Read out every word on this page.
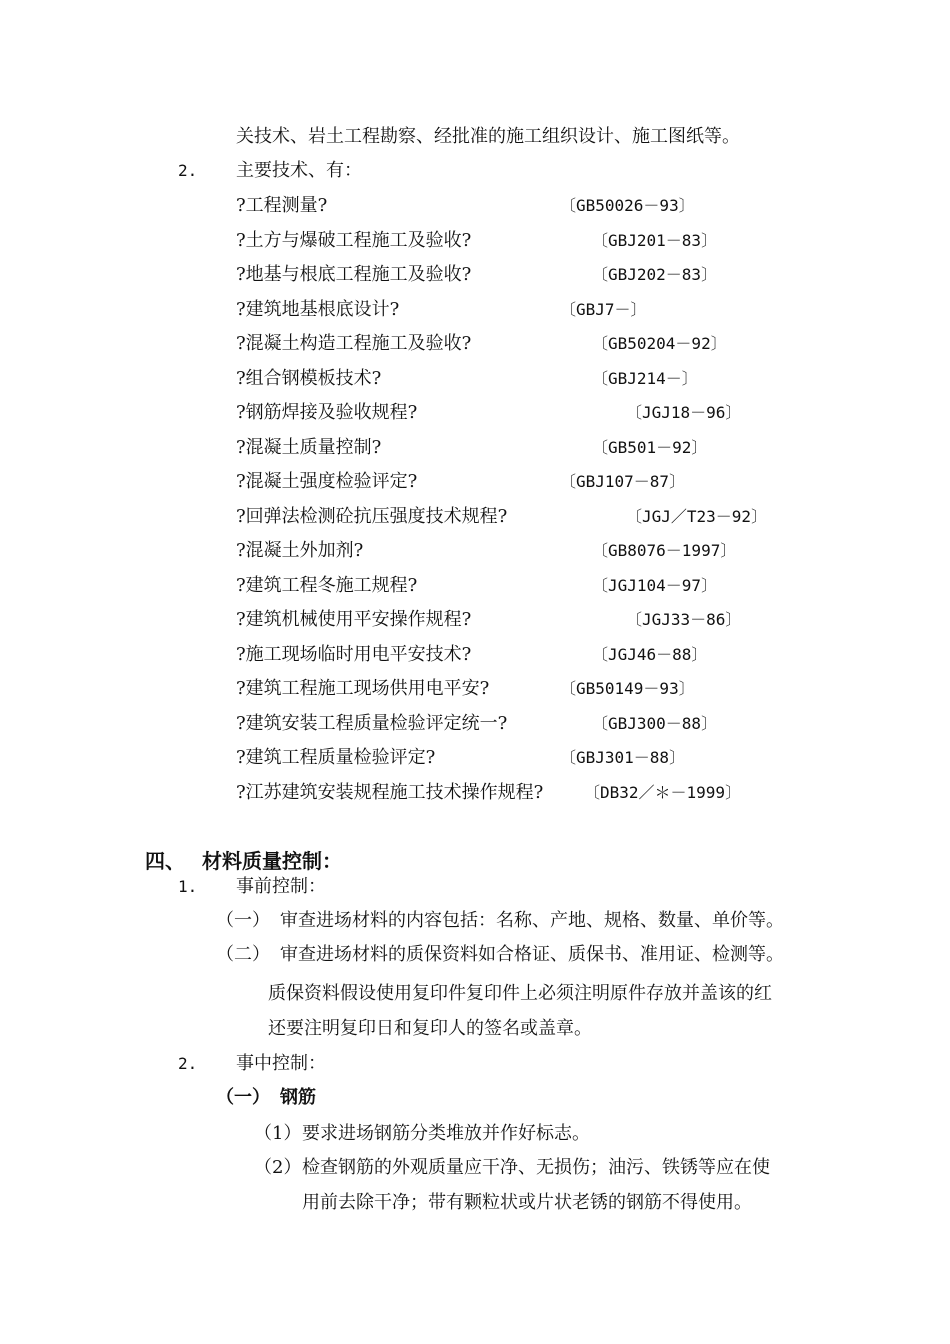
关技术、岩土工程勘察、经批准的施工组织设计、施工图纸等。
2. 主要技术、有：
?工程测量?	〔GB50026－93〕
?土方与爆破工程施工及验收?	〔GBJ201－83〕
?地基与根底工程施工及验收?	〔GBJ202－83〕
?建筑地基根底设计?	〔GBJ7－〕
?混凝土构造工程施工及验收?	〔GB50204－92〕
?组合钢模板技术?	〔GBJ214－〕
?钢筋焊接及验收规程?	〔JGJ18－96〕
?混凝土质量控制?	〔GB501－92〕
?混凝土强度检验评定?	〔GBJ107－87〕
?回弹法检测砼抗压强度技术规程?	〔JGJ／T23－92〕
?混凝土外加剂?	〔GB8076－1997〕
?建筑工程冬施工规程?	〔JGJ104－97〕
?建筑机械使用平安操作规程?	〔JGJ33－86〕
?施工现场临时用电平安技术?	〔JGJ46－88〕
?建筑工程施工现场供用电平安?	〔GB50149－93〕
?建筑安装工程质量检验评定统一?	〔GBJ300－88〕
?建筑工程质量检验评定?	〔GBJ301－88〕
?江苏建筑安装规程施工技术操作规程?	〔DB32／＊－1999〕
四、 材料质量控制：
1. 事前控制：
（一） 审查进场材料的内容包括：名称、产地、规格、数量、单价等。
（二） 审查进场材料的质保资料如合格证、质保书、准用证、检测等。
质保资料假设使用复印件复印件上必须注明原件存放并盖该的红
还要注明复印日和复印人的签名或盖章。
2. 事中控制：
（一） 钢筋
（1） 要求进场钢筋分类堆放并作好标志。
（2） 检查钢筋的外观质量应干净、无损伤；油污、铁锈等应在使
用前去除干净；带有颗粒状或片状老锈的钢筋不得使用。
